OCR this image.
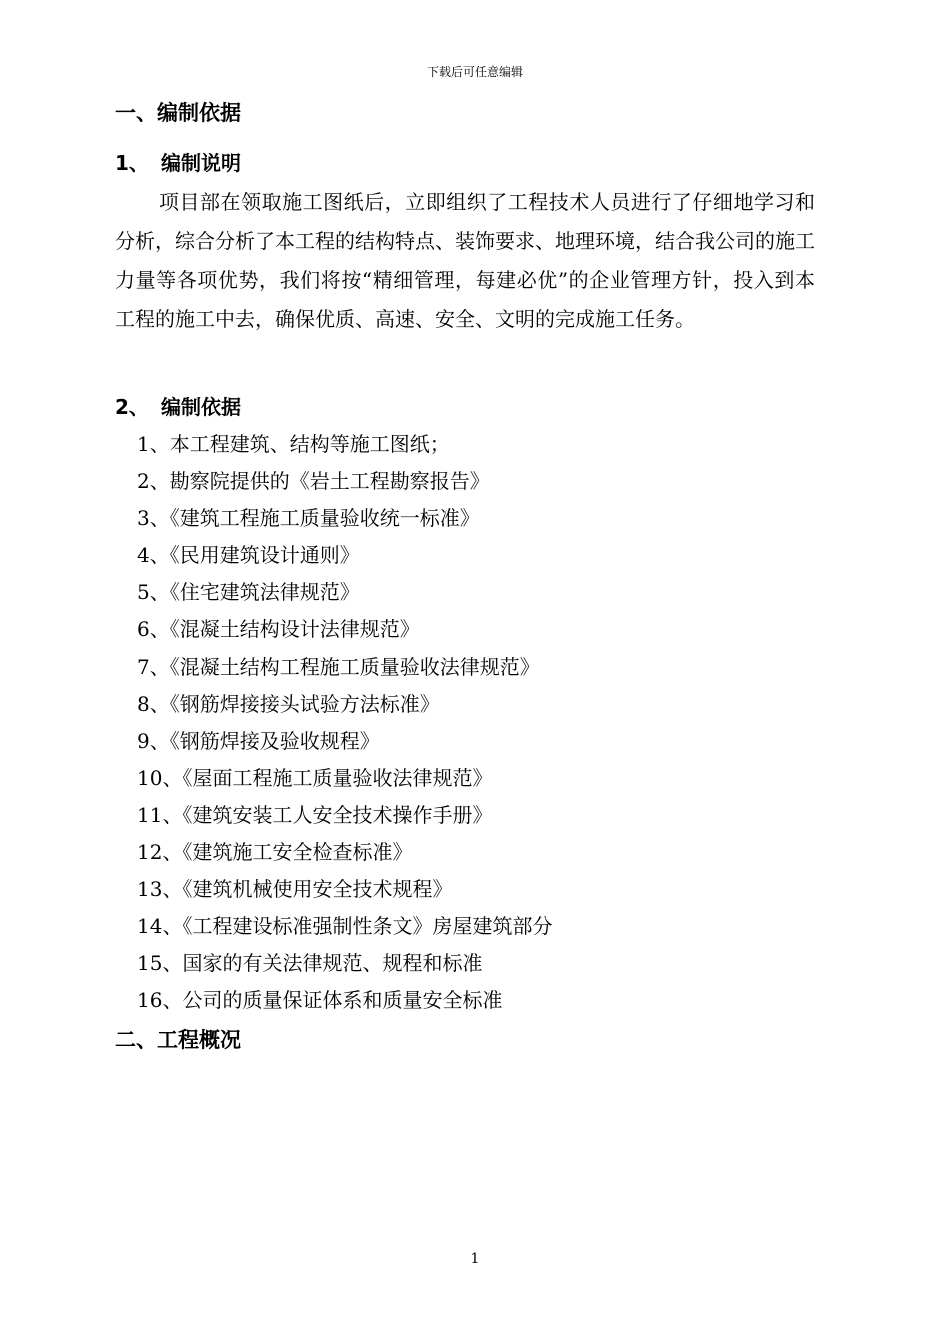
下载后可任意编辑
一、编制依据
1、 编制说明

项目部在领取施工图纸后，立即组织了工程技术人员进行了仔细地学习和分析，综合分析了本工程的结构特点、装饰要求、地理环境，结合我公司的施工力量等各项优势，我们将按“精细管理，每建必优”的企业管理方针，投入到本工程的施工中去，确保优质、高速、安全、文明的完成施工任务。

2、 编制依据
1、本工程建筑、结构等施工图纸；
2、勘察院提供的《岩土工程勘察报告》
3、《建筑工程施工质量验收统一标准》
4、《民用建筑设计通则》
5、《住宅建筑法律规范》
6、《混凝土结构设计法律规范》
7、《混凝土结构工程施工质量验收法律规范》
8、《钢筋焊接接头试验方法标准》
9、《钢筋焊接及验收规程》
10、《屋面工程施工质量验收法律规范》
11、《建筑安装工人安全技术操作手册》
12、《建筑施工安全检查标准》
13、《建筑机械使用安全技术规程》
14、《工程建设标准强制性条文》房屋建筑部分
15、国家的有关法律规范、规程和标准
16、公司的质量保证体系和质量安全标准
二、工程概况
1
